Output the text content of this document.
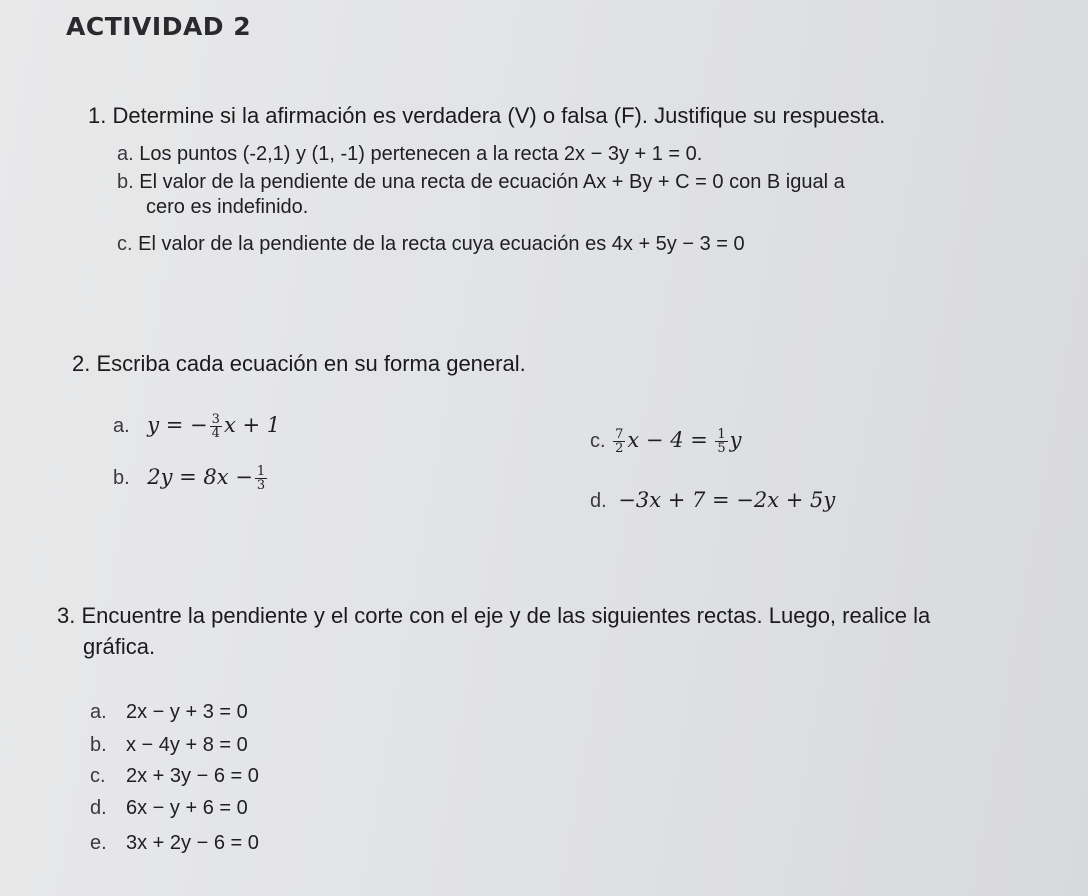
ACTIVIDAD 2
1. Determine si la afirmación es verdadera (V) o falsa (F). Justifique su respuesta.
a. Los puntos (-2,1) y (1, -1) pertenecen a la recta 2x − 3y + 1 = 0.
b. El valor de la pendiente de una recta de ecuación Ax + By + C = 0 con B igual a
cero es indefinido.
c. El valor de la pendiente de la recta cuya ecuación es 4x + 5y − 3 = 0
2. Escriba cada ecuación en su forma general.
a. y = − $\frac{3}{4}$ x + 1
b. $2y = 8x - \frac{1}{3}$
c. $\frac{7}{2}$ $x - 4 = \frac{1}{5}$ y
d. −3x + 7 = −2x + 5y
3. Encuentre la pendiente y el corte con el eje y de las siguientes rectas. Luego, realice la
gráfica.
a. 2x − y + 3 = 0
b. x − 4y + 8 = 0
c. 2x + 3y − 6 = 0
d. 6x − y + 6 = 0
e. 3x + 2y − 6 = 0
